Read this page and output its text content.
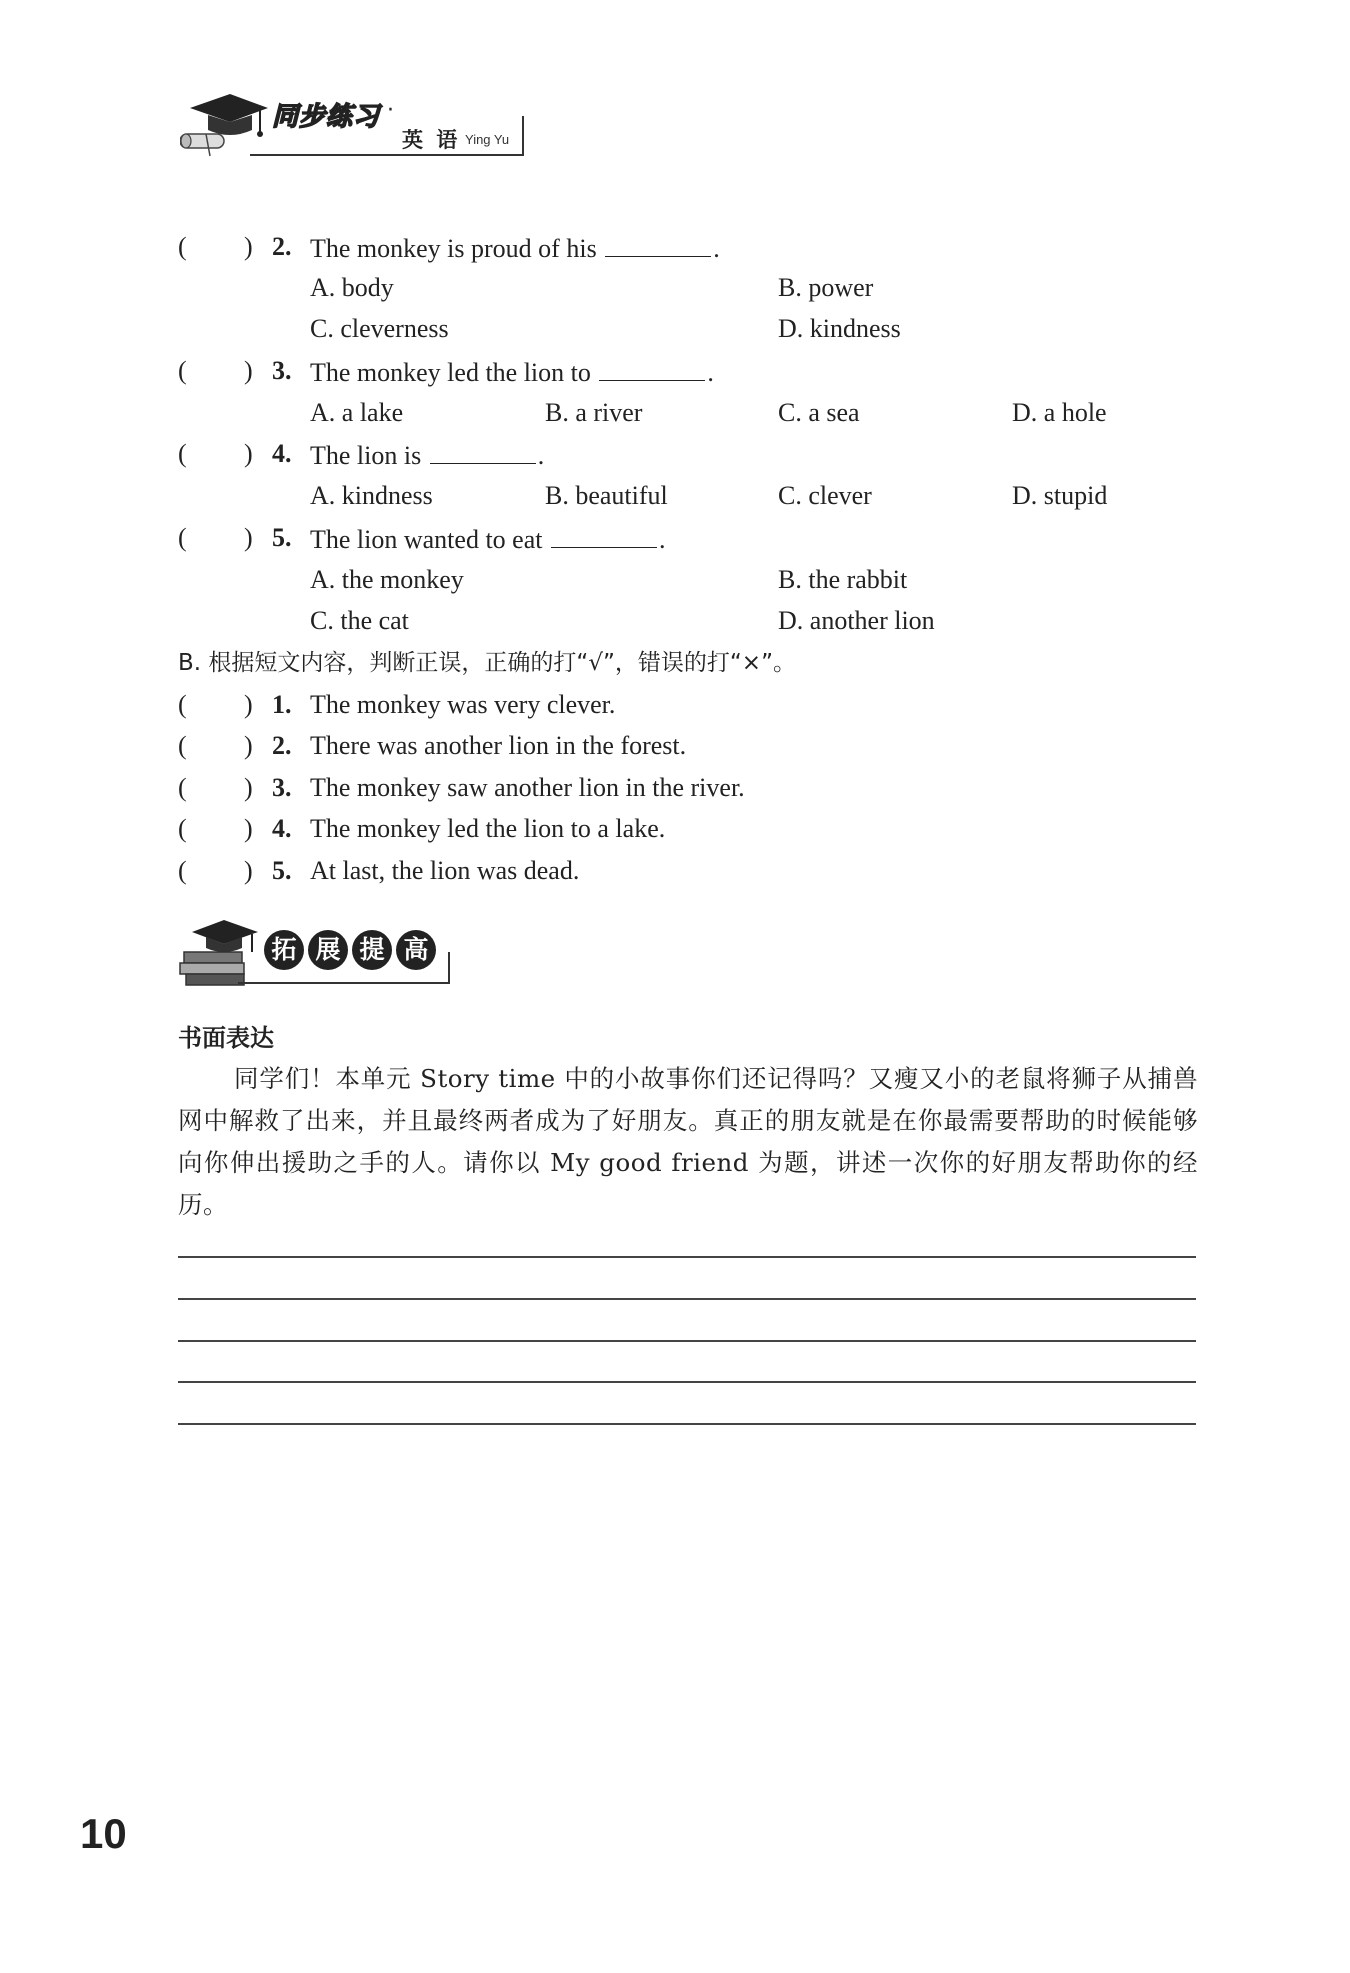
同步练习 ·
英 语 Ying Yu
( ) 2. The monkey is proud of his	.
A. body	B. power
C. cleverness	D. kindness
( ) 3. The monkey led the lion to	.
A. a lake	B. a river	C. a sea	D. a hole
( ) 4. The lion is	.
A. kindness	B. beautiful	C. clever	D. stupid
( ) 5. The lion wanted to eat	.
A. the monkey	B. the rabbit
C. the cat	D. another lion
B. 根据短文内容，判断正误，正确的打“√”，错误的打“×”。
( ) 1. The monkey was very clever.
( ) 2. There was another lion in the forest.
( ) 3. The monkey saw another lion in the river.
( ) 4. The monkey led the lion to a lake.
( ) 5. At last, the lion was dead.
拓 展 提 高
书面表达
同学们！本单元 Story time 中的小故事你们还记得吗？又瘦又小的老鼠将狮子从捕兽网中解救了出来，并且最终两者成为了好朋友。真正的朋友就是在你最需要帮助的时候能够向你伸出援助之手的人。请你以 My good friend 为题，讲述一次你的好朋友帮助你的经历。
10
